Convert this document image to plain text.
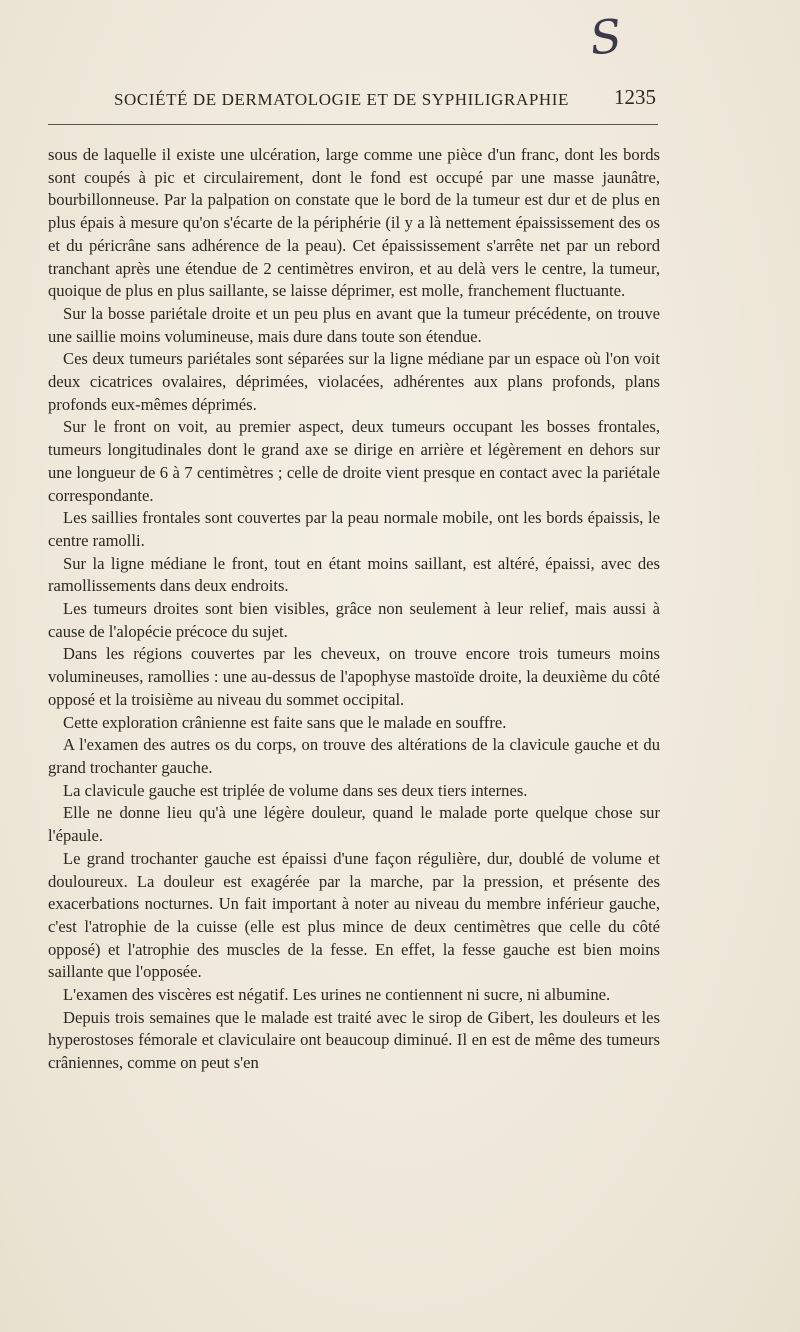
S
SOCIÉTÉ DE DERMATOLOGIE ET DE SYPHILIGRAPHIE 1235

sous de laquelle il existe une ulcération, large comme une pièce d'un franc, dont les bords sont coupés à pic et circulairement, dont le fond est occupé par une masse jaunâtre, bourbillonneuse. Par la palpation on constate que le bord de la tumeur est dur et de plus en plus épais à mesure qu'on s'écarte de la périphérie (il y a là nettement épaississement des os et du péricrâne sans adhérence de la peau). Cet épaississement s'arrête net par un rebord tranchant après une étendue de 2 centimètres environ, et au delà vers le centre, la tumeur, quoique de plus en plus saillante, se laisse déprimer, est molle, franchement fluctuante.

Sur la bosse pariétale droite et un peu plus en avant que la tumeur précédente, on trouve une saillie moins volumineuse, mais dure dans toute son étendue.

Ces deux tumeurs pariétales sont séparées sur la ligne médiane par un espace où l'on voit deux cicatrices ovalaires, déprimées, violacées, adhérentes aux plans profonds, plans profonds eux-mêmes déprimés.

Sur le front on voit, au premier aspect, deux tumeurs occupant les bosses frontales, tumeurs longitudinales dont le grand axe se dirige en arrière et légèrement en dehors sur une longueur de 6 à 7 centimètres ; celle de droite vient presque en contact avec la pariétale correspondante.

Les saillies frontales sont couvertes par la peau normale mobile, ont les bords épaissis, le centre ramolli.

Sur la ligne médiane le front, tout en étant moins saillant, est altéré, épaissi, avec des ramollissements dans deux endroits.

Les tumeurs droites sont bien visibles, grâce non seulement à leur relief, mais aussi à cause de l'alopécie précoce du sujet.

Dans les régions couvertes par les cheveux, on trouve encore trois tumeurs moins volumineuses, ramollies : une au-dessus de l'apophyse mastoïde droite, la deuxième du côté opposé et la troisième au niveau du sommet occipital.

Cette exploration crânienne est faite sans que le malade en souffre.

A l'examen des autres os du corps, on trouve des altérations de la clavicule gauche et du grand trochanter gauche.

La clavicule gauche est triplée de volume dans ses deux tiers internes.

Elle ne donne lieu qu'à une légère douleur, quand le malade porte quelque chose sur l'épaule.

Le grand trochanter gauche est épaissi d'une façon régulière, dur, doublé de volume et douloureux. La douleur est exagérée par la marche, par la pression, et présente des exacerbations nocturnes. Un fait important à noter au niveau du membre inférieur gauche, c'est l'atrophie de la cuisse (elle est plus mince de deux centimètres que celle du côté opposé) et l'atrophie des muscles de la fesse. En effet, la fesse gauche est bien moins saillante que l'opposée.

L'examen des viscères est négatif. Les urines ne contiennent ni sucre, ni albumine.

Depuis trois semaines que le malade est traité avec le sirop de Gibert, les douleurs et les hyperostoses fémorale et claviculaire ont beaucoup diminué. Il en est de même des tumeurs crâniennes, comme on peut s'en
